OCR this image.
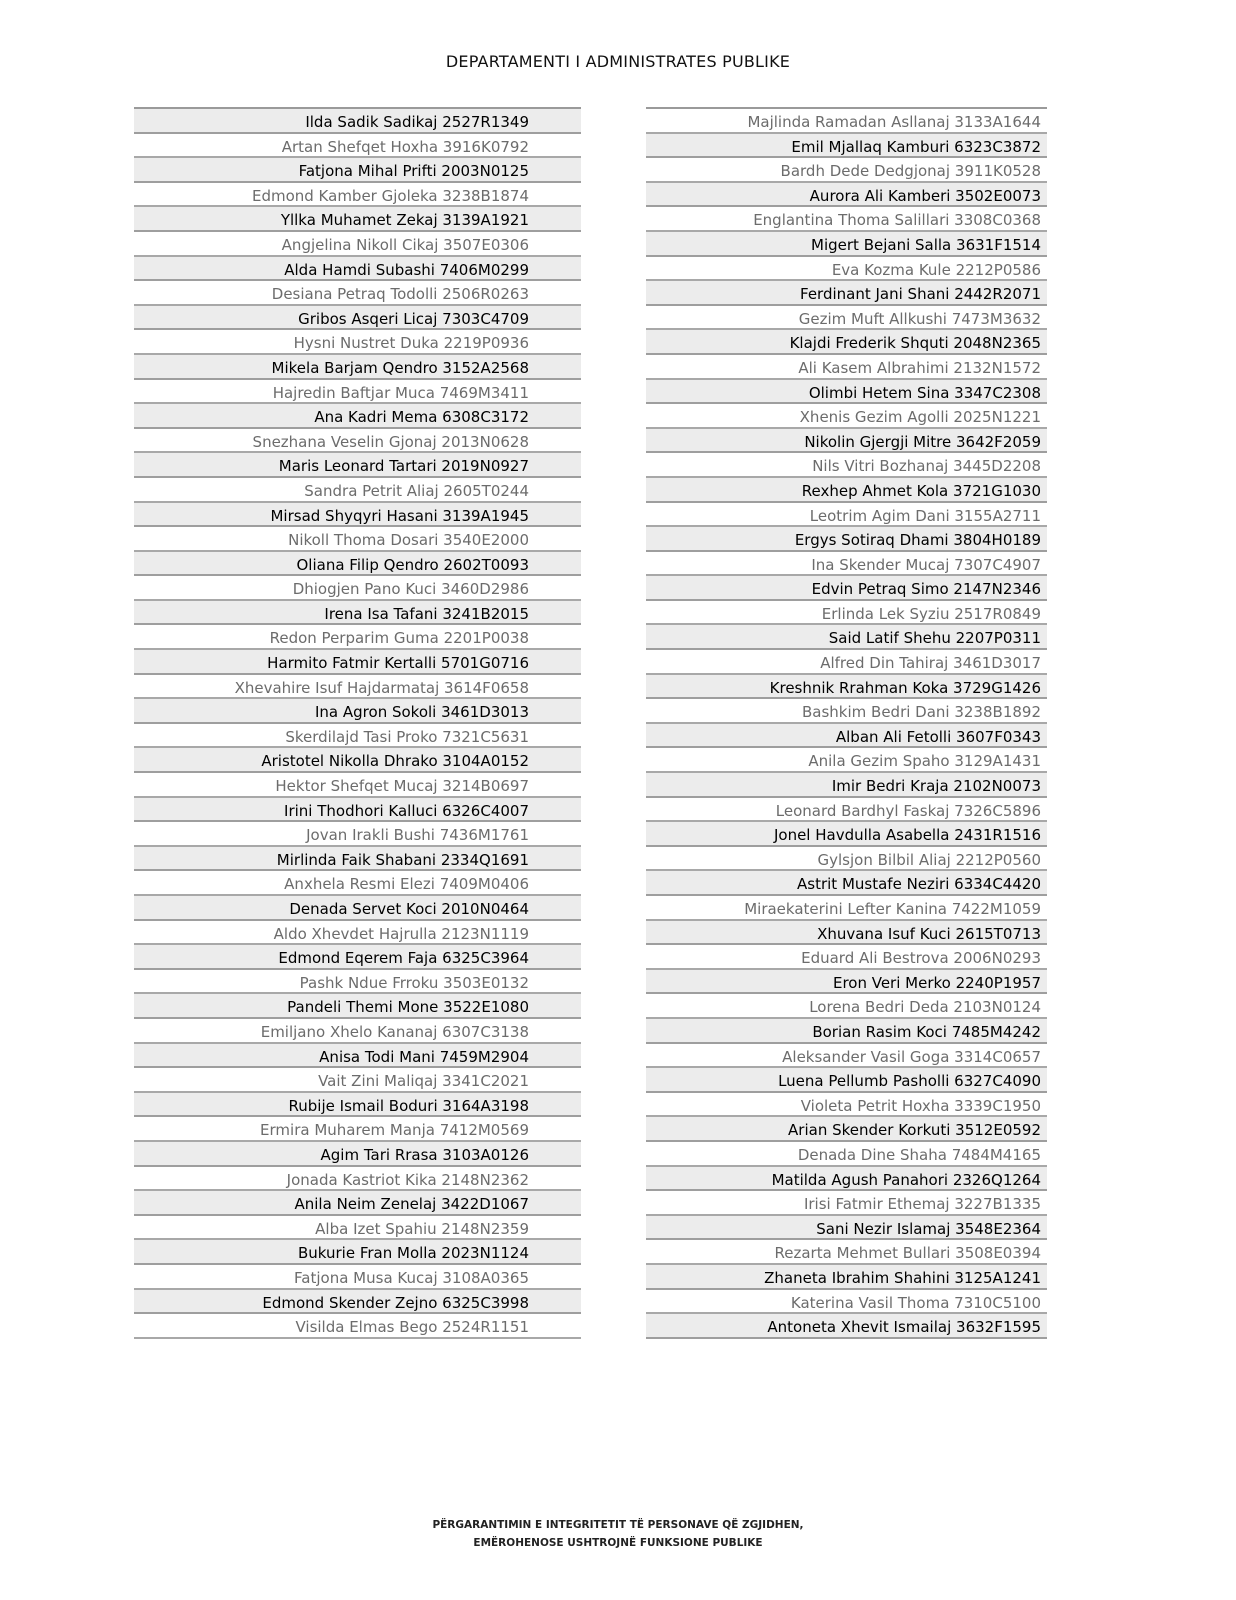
DEPARTAMENTI I ADMINISTRATES PUBLIKE
Ilda Sadik Sadikaj 2527R1349
Artan Shefqet Hoxha 3916K0792
Fatjona Mihal Prifti 2003N0125
Edmond Kamber Gjoleka 3238B1874
Yllka Muhamet Zekaj 3139A1921
Angjelina Nikoll Cikaj 3507E0306
Alda Hamdi Subashi 7406M0299
Desiana Petraq Todolli 2506R0263
Gribos Asqeri Licaj 7303C4709
Hysni Nustret Duka 2219P0936
Mikela Barjam Qendro 3152A2568
Hajredin Baftjar Muca 7469M3411
Ana Kadri Mema 6308C3172
Snezhana Veselin Gjonaj 2013N0628
Maris Leonard Tartari 2019N0927
Sandra Petrit Aliaj 2605T0244
Mirsad Shyqyri Hasani 3139A1945
Nikoll Thoma Dosari 3540E2000
Oliana Filip Qendro 2602T0093
Dhiogjen Pano Kuci 3460D2986
Irena Isa Tafani 3241B2015
Redon Perparim Guma 2201P0038
Harmito Fatmir Kertalli 5701G0716
Xhevahire Isuf Hajdarmataj 3614F0658
Ina Agron Sokoli 3461D3013
Skerdilajd Tasi Proko 7321C5631
Aristotel Nikolla Dhrako 3104A0152
Hektor Shefqet Mucaj 3214B0697
Irini Thodhori Kalluci 6326C4007
Jovan Irakli Bushi 7436M1761
Mirlinda Faik Shabani 2334Q1691
Anxhela Resmi Elezi 7409M0406
Denada Servet Koci 2010N0464
Aldo Xhevdet Hajrulla 2123N1119
Edmond Eqerem Faja 6325C3964
Pashk Ndue Frroku 3503E0132
Pandeli Themi Mone 3522E1080
Emiljano Xhelo Kananaj 6307C3138
Anisa Todi Mani 7459M2904
Vait Zini Maliqaj 3341C2021
Rubije Ismail Boduri 3164A3198
Ermira Muharem Manja 7412M0569
Agim Tari Rrasa 3103A0126
Jonada Kastriot Kika 2148N2362
Anila Neim Zenelaj 3422D1067
Alba Izet Spahiu 2148N2359
Bukurie Fran Molla 2023N1124
Fatjona Musa Kucaj 3108A0365
Edmond Skender Zejno 6325C3998
Visilda Elmas Bego 2524R1151
Majlinda Ramadan Asllanaj 3133A1644
Emil Mjallaq Kamburi 6323C3872
Bardh Dede Dedgjonaj 3911K0528
Aurora Ali Kamberi 3502E0073
Englantina Thoma Salillari 3308C0368
Migert Bejani Salla 3631F1514
Eva Kozma Kule 2212P0586
Ferdinant Jani Shani 2442R2071
Gezim Muft Allkushi 7473M3632
Klajdi Frederik Shquti 2048N2365
Ali Kasem Albrahimi 2132N1572
Olimbi Hetem Sina 3347C2308
Xhenis Gezim Agolli 2025N1221
Nikolin Gjergji Mitre 3642F2059
Nils Vitri Bozhanaj 3445D2208
Rexhep Ahmet Kola 3721G1030
Leotrim Agim Dani 3155A2711
Ergys Sotiraq Dhami 3804H0189
Ina Skender Mucaj 7307C4907
Edvin Petraq Simo 2147N2346
Erlinda Lek Syziu 2517R0849
Said Latif Shehu 2207P0311
Alfred Din Tahiraj 3461D3017
Kreshnik Rrahman Koka 3729G1426
Bashkim Bedri Dani 3238B1892
Alban Ali Fetolli 3607F0343
Anila Gezim Spaho 3129A1431
Imir Bedri Kraja 2102N0073
Leonard Bardhyl Faskaj 7326C5896
Jonel Havdulla Asabella 2431R1516
Gylsjon Bilbil Aliaj 2212P0560
Astrit Mustafe Neziri 6334C4420
Miraekaterini Lefter Kanina 7422M1059
Xhuvana Isuf Kuci 2615T0713
Eduard Ali Bestrova 2006N0293
Eron Veri Merko 2240P1957
Lorena Bedri Deda 2103N0124
Borian Rasim Koci 7485M4242
Aleksander Vasil Goga 3314C0657
Luena Pellumb Pasholli 6327C4090
Violeta Petrit Hoxha 3339C1950
Arian Skender Korkuti 3512E0592
Denada Dine Shaha 7484M4165
Matilda Agush Panahori 2326Q1264
Irisi Fatmir Ethemaj 3227B1335
Sani Nezir Islamaj 3548E2364
Rezarta Mehmet Bullari 3508E0394
Zhaneta Ibrahim Shahini 3125A1241
Katerina Vasil Thoma 7310C5100
Antoneta Xhevit Ismailaj 3632F1595
PËRGARANTIMIN E INTEGRITETIT TË PERSONAVE QË ZGJIDHEN,
EMËROHENOSE USHTROJNË FUNKSIONE PUBLIKE
